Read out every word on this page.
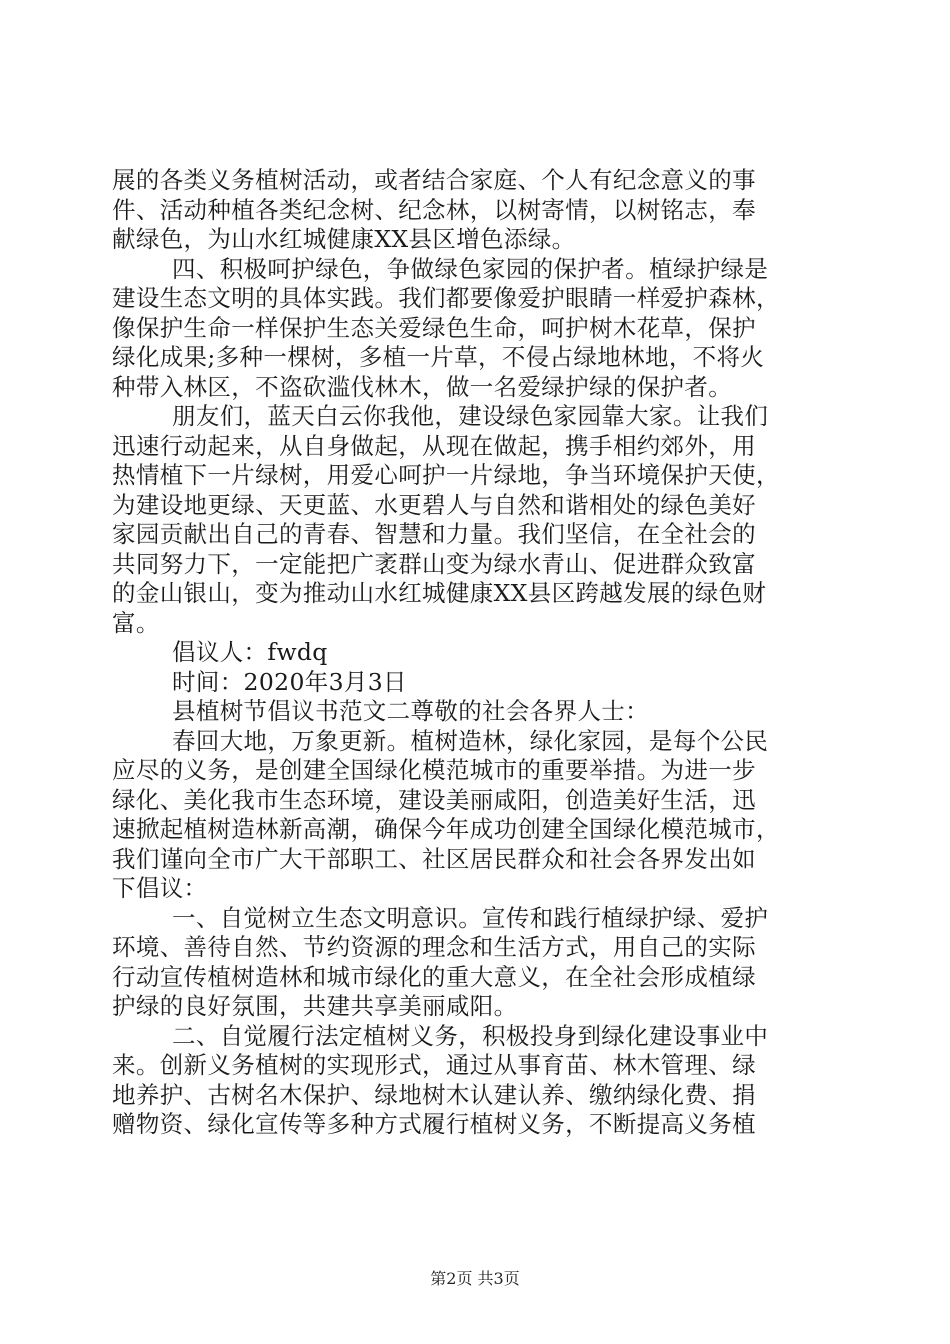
展的各类义务植树活动，或者结合家庭、个人有纪念意义的事
件、活动种植各类纪念树、纪念林，以树寄情，以树铭志，奉
献绿色，为山水红城健康XX县区增色添绿。
四、积极呵护绿色，争做绿色家园的保护者。植绿护绿是
建设生态文明的具体实践。我们都要像爱护眼睛一样爱护森林，
像保护生命一样保护生态关爱绿色生命，呵护树木花草，保护
绿化成果;多种一棵树，多植一片草，不侵占绿地林地，不将火
种带入林区，不盗砍滥伐林木，做一名爱绿护绿的保护者。
朋友们，蓝天白云你我他，建设绿色家园靠大家。让我们
迅速行动起来，从自身做起，从现在做起，携手相约郊外，用
热情植下一片绿树，用爱心呵护一片绿地，争当环境保护天使，
为建设地更绿、天更蓝、水更碧人与自然和谐相处的绿色美好
家园贡献出自己的青春、智慧和力量。我们坚信，在全社会的
共同努力下，一定能把广袤群山变为绿水青山、促进群众致富
的金山银山，变为推动山水红城健康XX县区跨越发展的绿色财
富。
倡议人：fwdq
时间：2020年3月3日
县植树节倡议书范文二尊敬的社会各界人士：
春回大地，万象更新。植树造林，绿化家园，是每个公民
应尽的义务，是创建全国绿化模范城市的重要举措。为进一步
绿化、美化我市生态环境，建设美丽咸阳，创造美好生活，迅
速掀起植树造林新高潮，确保今年成功创建全国绿化模范城市，
我们谨向全市广大干部职工、社区居民群众和社会各界发出如
下倡议：
一、自觉树立生态文明意识。宣传和践行植绿护绿、爱护
环境、善待自然、节约资源的理念和生活方式，用自己的实际
行动宣传植树造林和城市绿化的重大意义，在全社会形成植绿
护绿的良好氛围，共建共享美丽咸阳。
二、自觉履行法定植树义务，积极投身到绿化建设事业中
来。创新义务植树的实现形式，通过从事育苗、林木管理、绿
地养护、古树名木保护、绿地树木认建认养、缴纳绿化费、捐
赠物资、绿化宣传等多种方式履行植树义务，不断提高义务植
第2页 共3页
